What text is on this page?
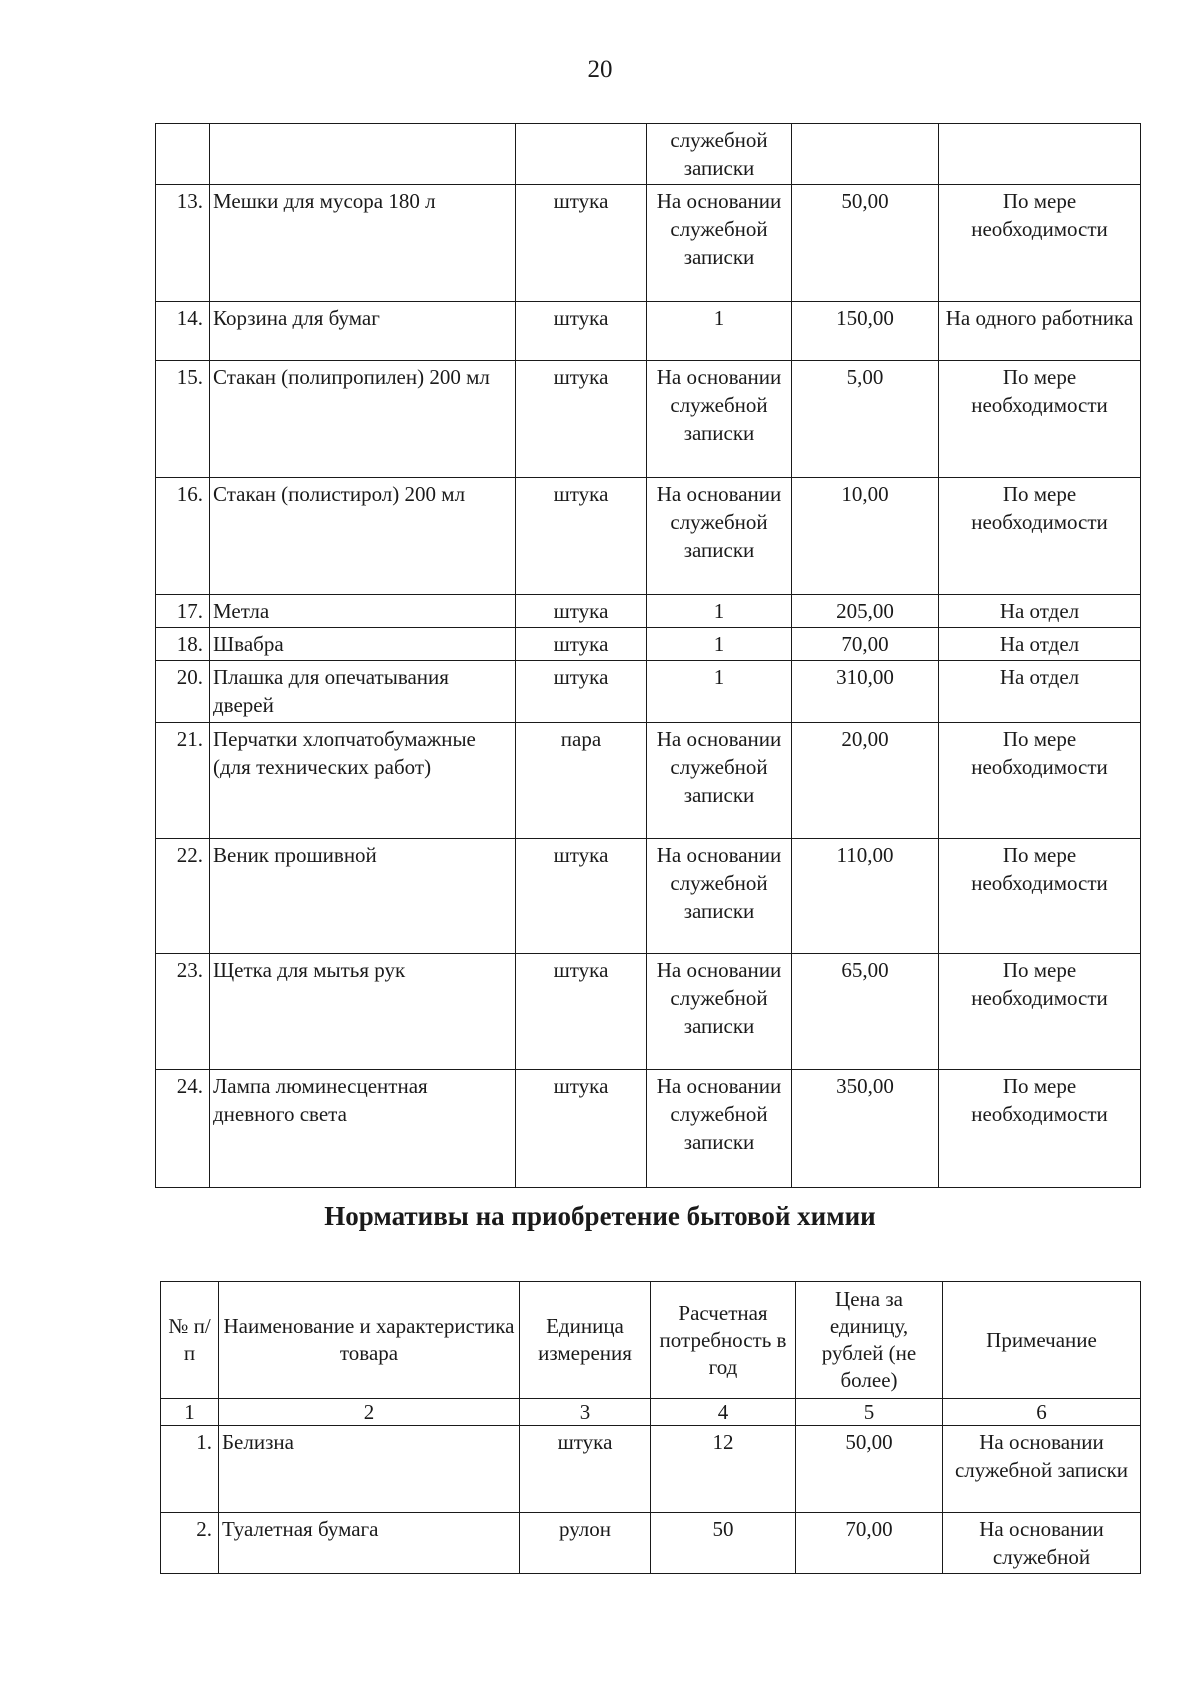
20
			служебной записки		
13.	Мешки для мусора 180 л	штука	На основании служебной записки	50,00	По мере необходимости
14.	Корзина для бумаг	штука	1	150,00	На одного работника
15.	Стакан (полипропилен) 200 мл	штука	На основании служебной записки	5,00	По мере необходимости
16.	Стакан (полистирол) 200 мл	штука	На основании служебной записки	10,00	По мере необходимости
17.	Метла	штука	1	205,00	На отдел
18.	Швабра	штука	1	70,00	На отдел
20.	Плашка для опечатывания дверей	штука	1	310,00	На отдел
21.	Перчатки хлопчатобумажные (для технических работ)	пара	На основании служебной записки	20,00	По мере необходимости
22.	Веник прошивной	штука	На основании служебной записки	110,00	По мере необходимости
23.	Щетка для мытья рук	штука	На основании служебной записки	65,00	По мере необходимости
24.	Лампа люминесцентная дневного света	штука	На основании служебной записки	350,00	По мере необходимости
Нормативы на приобретение бытовой химии
№ п/п	Наименование и характеристика товара	Единица измерения	Расчетная потребность в год	Цена за единицу, рублей (не более)	Примечание
1	2	3	4	5	6
1.	Белизна	штука	12	50,00	На основании служебной записки
2.	Туалетная бумага	рулон	50	70,00	На основании служебной
